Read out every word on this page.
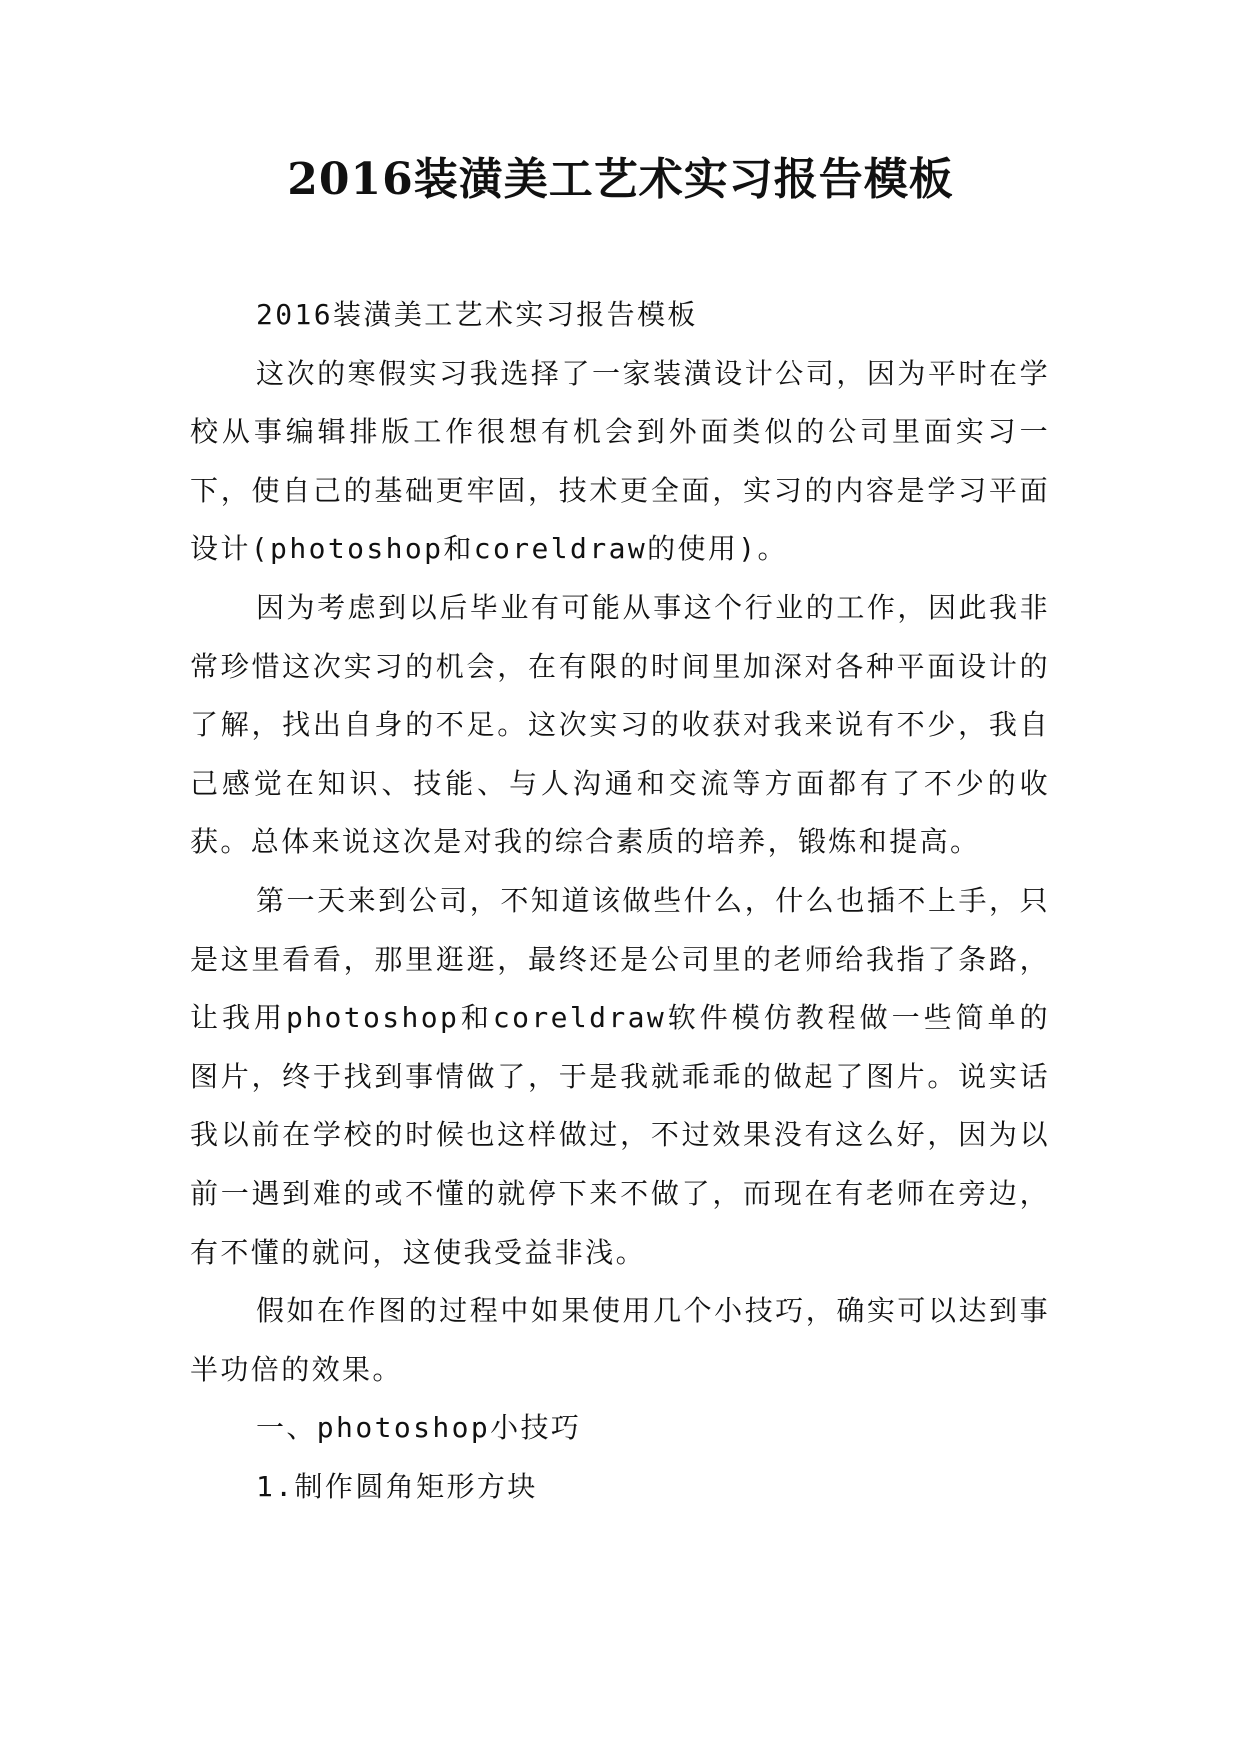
2016装潢美工艺术实习报告模板

2016装潢美工艺术实习报告模板

这次的寒假实习我选择了一家装潢设计公司，因为平时在学校从事编辑排版工作很想有机会到外面类似的公司里面实习一下，使自己的基础更牢固，技术更全面，实习的内容是学习平面设计(photoshop和coreldraw的使用)。

因为考虑到以后毕业有可能从事这个行业的工作，因此我非常珍惜这次实习的机会，在有限的时间里加深对各种平面设计的了解，找出自身的不足。这次实习的收获对我来说有不少，我自己感觉在知识、技能、与人沟通和交流等方面都有了不少的收获。总体来说这次是对我的综合素质的培养，锻炼和提高。

第一天来到公司，不知道该做些什么，什么也插不上手，只是这里看看，那里逛逛，最终还是公司里的老师给我指了条路，让我用photoshop和coreldraw软件模仿教程做一些简单的图片，终于找到事情做了，于是我就乖乖的做起了图片。说实话我以前在学校的时候也这样做过，不过效果没有这么好，因为以前一遇到难的或不懂的就停下来不做了，而现在有老师在旁边，有不懂的就问，这使我受益非浅。

假如在作图的过程中如果使用几个小技巧，确实可以达到事半功倍的效果。

一、photoshop小技巧

1.制作圆角矩形方块
